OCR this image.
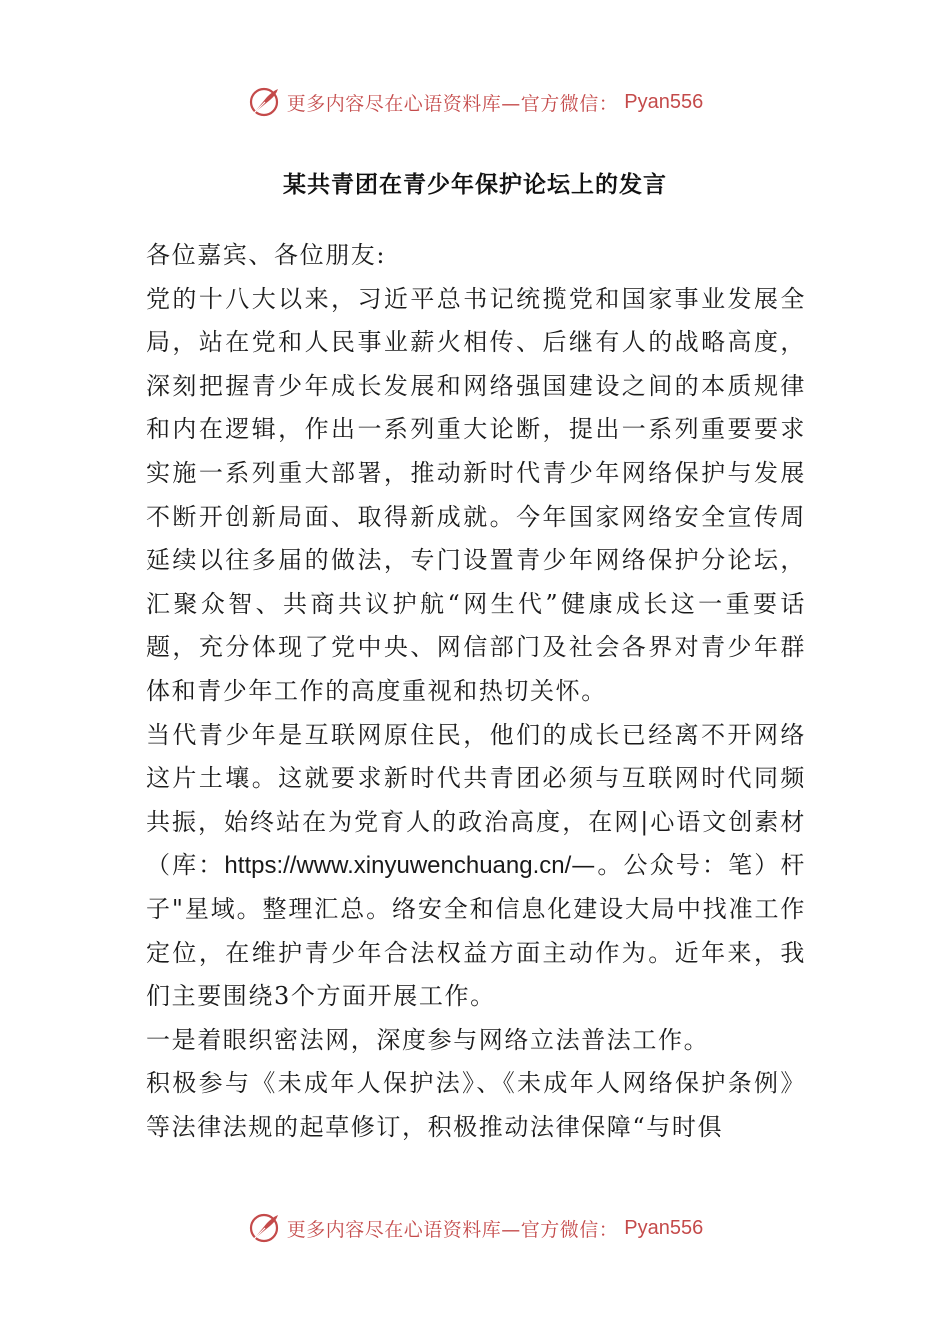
更多内容尽在心语资料库—官方微信： Pyan556
某共青团在青少年保护论坛上的发言

各位嘉宾、各位朋友:

党的十八大以来，习近平总书记统揽党和国家事业发展全局，站在党和人民事业薪火相传、后继有人的战略高度，深刻把握青少年成长发展和网络强国建设之间的本质规律和内在逻辑，作出一系列重大论断，提出一系列重要要求实施一系列重大部署，推动新时代青少年网络保护与发展不断开创新局面、取得新成就。今年国家网络安全宣传周延续以往多届的做法，专门设置青少年网络保护分论坛，汇聚众智、共商共议护航“网生代”健康成长这一重要话题，充分体现了党中央、网信部门及社会各界对青少年群体和青少年工作的高度重视和热切关怀。

当代青少年是互联网原住民，他们的成长已经离不开网络这片土壤。这就要求新时代共青团必须与互联网时代同频共振，始终站在为党育人的政治高度，在网|心语文创素材（库：https://www.xinyuwenchuang.cn/—。公众号：笔）杆子"星域。整理汇总。络安全和信息化建设大局中找准工作定位，在维护青少年合法权益方面主动作为。近年来，我们主要围绕3个方面开展工作。

一是着眼织密法网，深度参与网络立法普法工作。

积极参与《未成年人保护法》、《未成年人网络保护条例》等法律法规的起草修订，积极推动法律保障“与时俱

更多内容尽在心语资料库—官方微信： Pyan556
